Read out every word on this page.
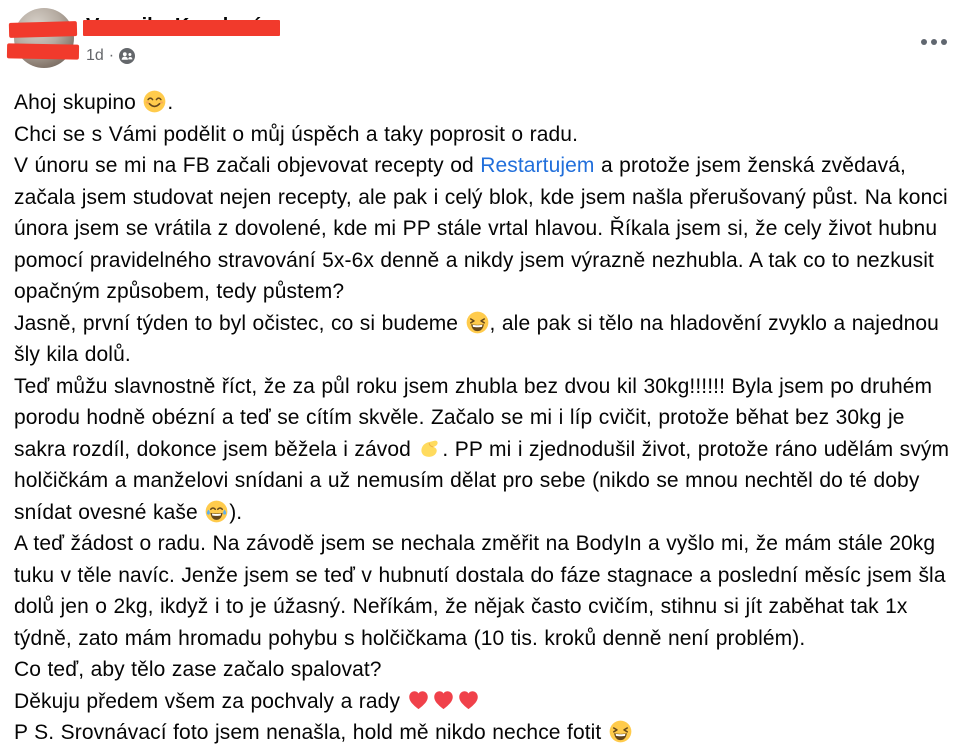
1d ·

Ahoj skupino
.

Chci se s Vámi podělit o můj úspěch a taky poprosit o radu.

V únoru se mi na FB začali objevovat recepty od Restartujem a protože jsem ženská zvědavá, začala jsem studovat nejen recepty, ale pak i celý blok, kde jsem našla přerušovaný půst. Na konci února jsem se vrátila z dovolené, kde mi PP stále vrtal hlavou. Říkala jsem si, že cely život hubnu pomocí pravidelného stravování 5x-6x denně a nikdy jsem výrazně nezhubla. A tak co to nezkusit opačným způsobem, tedy půstem?

Jasně, první týden to byl očistec, co si budeme
, ale pak si tělo na hladovění zvyklo a najednou šly kila dolů.

Teď můžu slavnostně říct, že za půl roku jsem zhubla bez dvou kil 30kg!!!!!! Byla jsem po druhém porodu hodně obézní a teď se cítím skvěle. Začalo se mi i líp cvičit, protože běhat bez 30kg je sakra rozdíl, dokonce jsem běžela i závod
. PP mi i zjednodušil život, protože ráno udělám svým holčičkám a manželovi snídani a už nemusím dělat pro sebe (nikdo se mnou nechtěl do té doby snídat ovesné kaše
).

A teď žádost o radu. Na závodě jsem se nechala změřit na BodyIn a vyšlo mi, že mám stále 20kg tuku v těle navíc. Jenže jsem se teď v hubnutí dostala do fáze stagnace a poslední měsíc jsem šla dolů jen o 2kg, ikdyž i to je úžasný. Neříkám, že nějak často cvičím, stihnu si jít zaběhat tak 1x týdně, zato mám hromadu pohybu s holčičkama (10 tis. kroků denně není problém).

Co teď, aby tělo zase začalo spalovat?

Děkuju předem všem za pochvaly a rady

P S. Srovnávací foto jsem nenašla, hold mě nikdo nechce fotit
